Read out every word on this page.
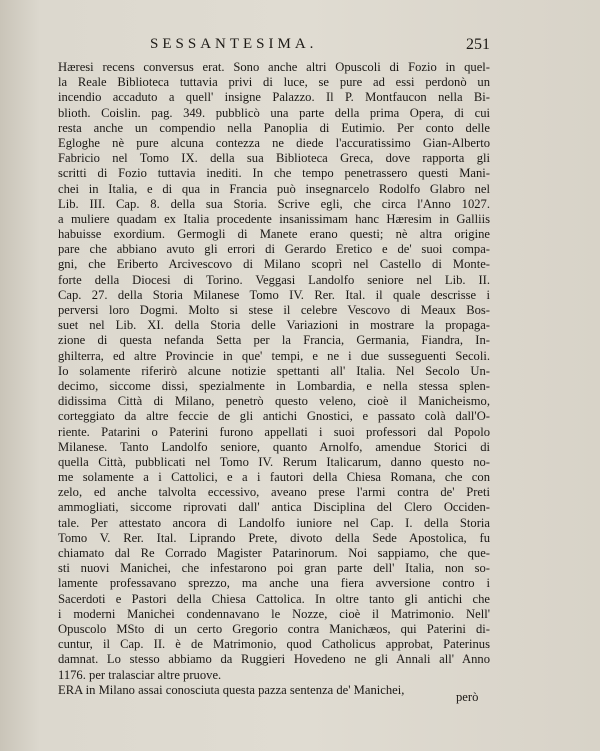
SESSANTESIMA.	251
Hæresi recens conversus erat. Sono anche altri Opuscoli di Fozio in quel-
la Reale Biblioteca tuttavia privi di luce, se pure ad essi perdonò un
incendio accaduto a quell' insigne Palazzo. Il P. Montfaucon nella Bi-
blioth. Coislin. pag. 349. pubblicò una parte della prima Opera, di cui
resta anche un compendio nella Panoplia di Eutimio. Per conto delle
Egloghe nè pure alcuna contezza ne diede l'accuratissimo Gian-Alberto
Fabricio nel Tomo IX. della sua Biblioteca Greca, dove rapporta gli
scritti di Fozio tuttavia inediti. In che tempo penetrassero questi Mani-
chei in Italia, e di qua in Francia può insegnarcelo Rodolfo Glabro nel
Lib. III. Cap. 8. della sua Storia. Scrive egli, che circa l'Anno 1027.
a muliere quadam ex Italia procedente insanissimam hanc Hæresim in Galliis
habuisse exordium. Germogli di Manete erano questi; nè altra origine
pare che abbiano avuto gli errori di Gerardo Eretico e de' suoi compa-
gni, che Eriberto Arcivescovo di Milano scoprì nel Castello di Monte-
forte della Diocesi di Torino. Veggasi Landolfo seniore nel Lib. II.
Cap. 27. della Storia Milanese Tomo IV. Rer. Ital. il quale descrisse i
perversi loro Dogmi. Molto si stese il celebre Vescovo di Meaux Bos-
suet nel Lib. XI. della Storia delle Variazioni in mostrare la propaga-
zione di questa nefanda Setta per la Francia, Germania, Fiandra, In-
ghilterra, ed altre Provincie in que' tempi, e ne i due susseguenti Secoli.
Io solamente riferirò alcune notizie spettanti all' Italia. Nel Secolo Un-
decimo, siccome dissi, spezialmente in Lombardia, e nella stessa splen-
didissima Città di Milano, penetrò questo veleno, cioè il Manicheismo,
corteggiato da altre feccie de gli antichi Gnostici, e passato colà dall'O-
riente. Patarini o Paterini furono appellati i suoi professori dal Popolo
Milanese. Tanto Landolfo seniore, quanto Arnolfo, amendue Storici di
quella Città, pubblicati nel Tomo IV. Rerum Italicarum, danno questo no-
me solamente a i Cattolici, e a i fautori della Chiesa Romana, che con
zelo, ed anche talvolta eccessivo, aveano prese l'armi contra de' Preti
ammogliati, siccome riprovati dall' antica Disciplina del Clero Occiden-
tale. Per attestato ancora di Landolfo iuniore nel Cap. I. della Storia
Tomo V. Rer. Ital. Liprando Prete, divoto della Sede Apostolica, fu
chiamato dal Re Corrado Magister Patarinorum. Noi sappiamo, che que-
sti nuovi Manichei, che infestarono poi gran parte dell' Italia, non so-
lamente professavano sprezzo, ma anche una fiera avversione contro i
Sacerdoti e Pastori della Chiesa Cattolica. In oltre tanto gli antichi che
i moderni Manichei condennavano le Nozze, cioè il Matrimonio. Nell'
Opuscolo MSto di un certo Gregorio contra Manichæos, qui Paterini di-
cuntur, il Cap. II. è de Matrimonio, quod Catholicus approbat, Paterinus
damnat. Lo stesso abbiamo da Ruggieri Hovedeno ne gli Annali all' Anno
1176. per tralasciar altre pruove.
ERA in Milano assai conosciuta questa pazza sentenza de' Manichei,
però
